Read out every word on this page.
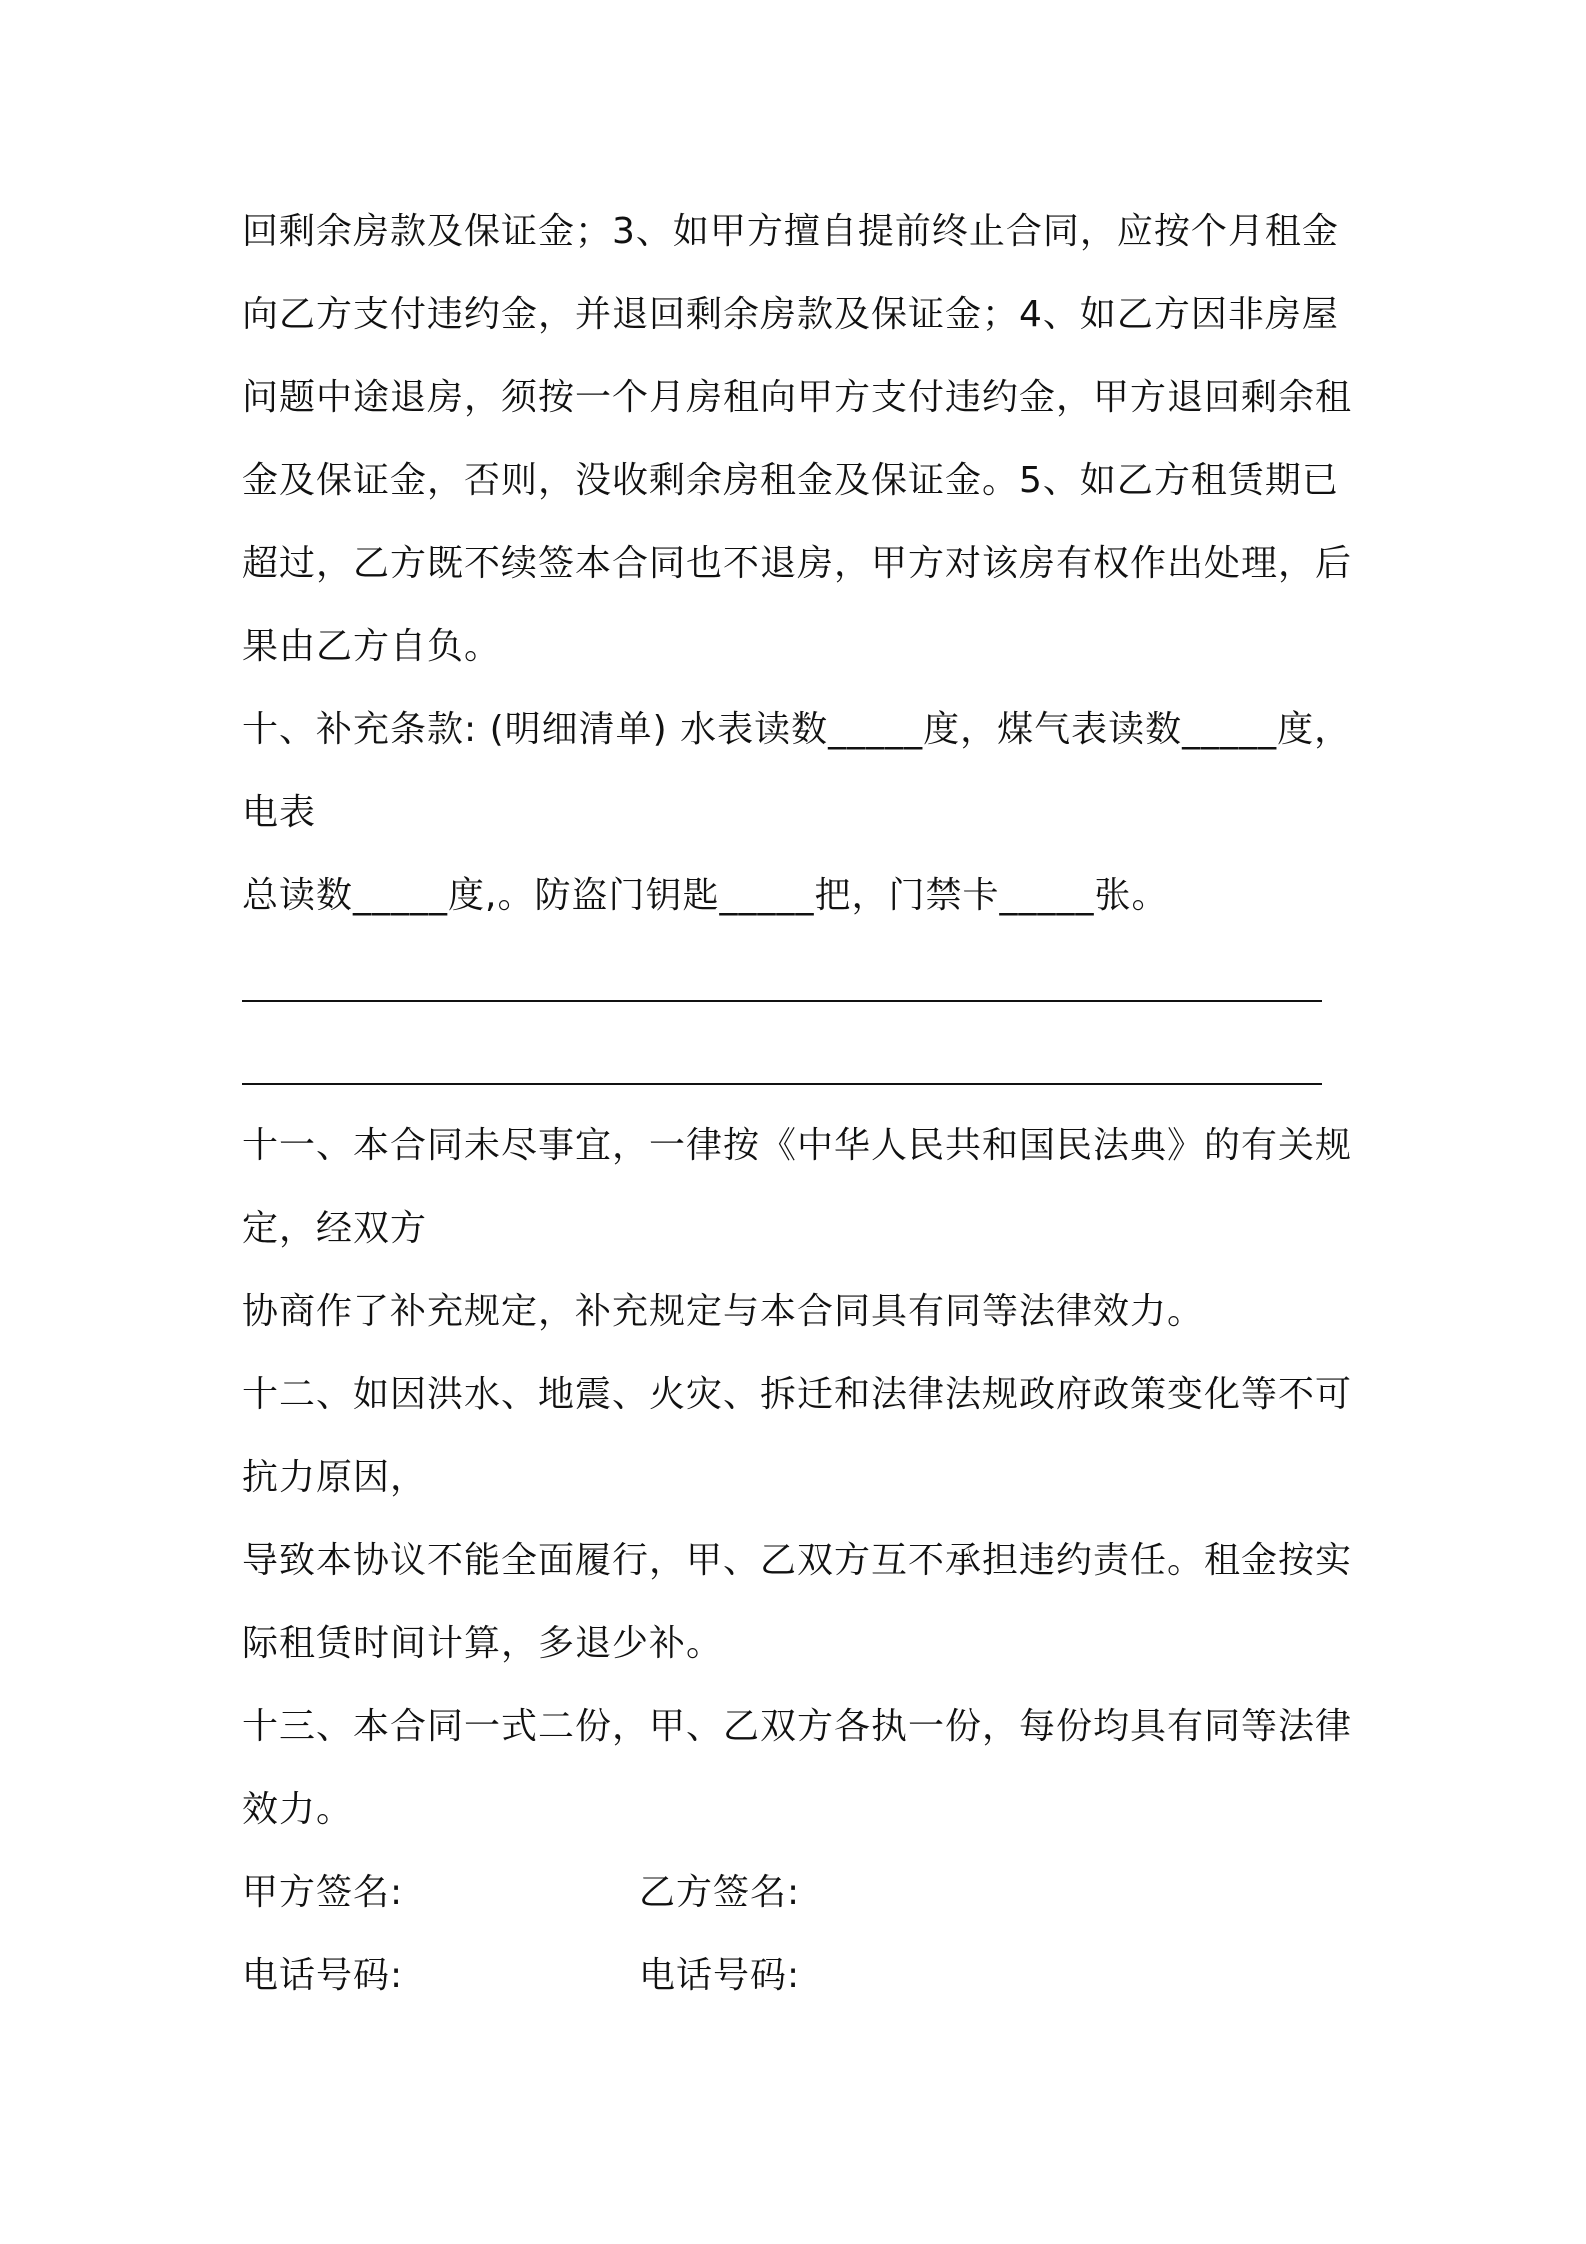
回剩余房款及保证金；3、如甲方擅自提前终止合同，应按个月租金

向乙方支付违约金，并退回剩余房款及保证金；4、如乙方因非房屋

问题中途退房，须按一个月房租向甲方支付违约金，甲方退回剩余租

金及保证金，否则，没收剩余房租金及保证金。5、如乙方租赁期已

超过，乙方既不续签本合同也不退房，甲方对该房有权作出处理，后

果由乙方自负。

十、补充条款: (明细清单) 水表读数_____度，煤气表读数_____度，

电表

总读数_____度,。防盗门钥匙_____把，门禁卡_____张。

十一、本合同未尽事宜，一律按《中华人民共和国民法典》的有关规

定，经双方

协商作了补充规定，补充规定与本合同具有同等法律效力。

十二、如因洪水、地震、火灾、拆迁和法律法规政府政策变化等不可

抗力原因，

导致本协议不能全面履行，甲、乙双方互不承担违约责任。租金按实

际租赁时间计算，多退少补。

十三、本合同一式二份，甲、乙双方各执一份，每份均具有同等法律

效力。

甲方签名:	乙方签名:

电话号码:	电话号码:
